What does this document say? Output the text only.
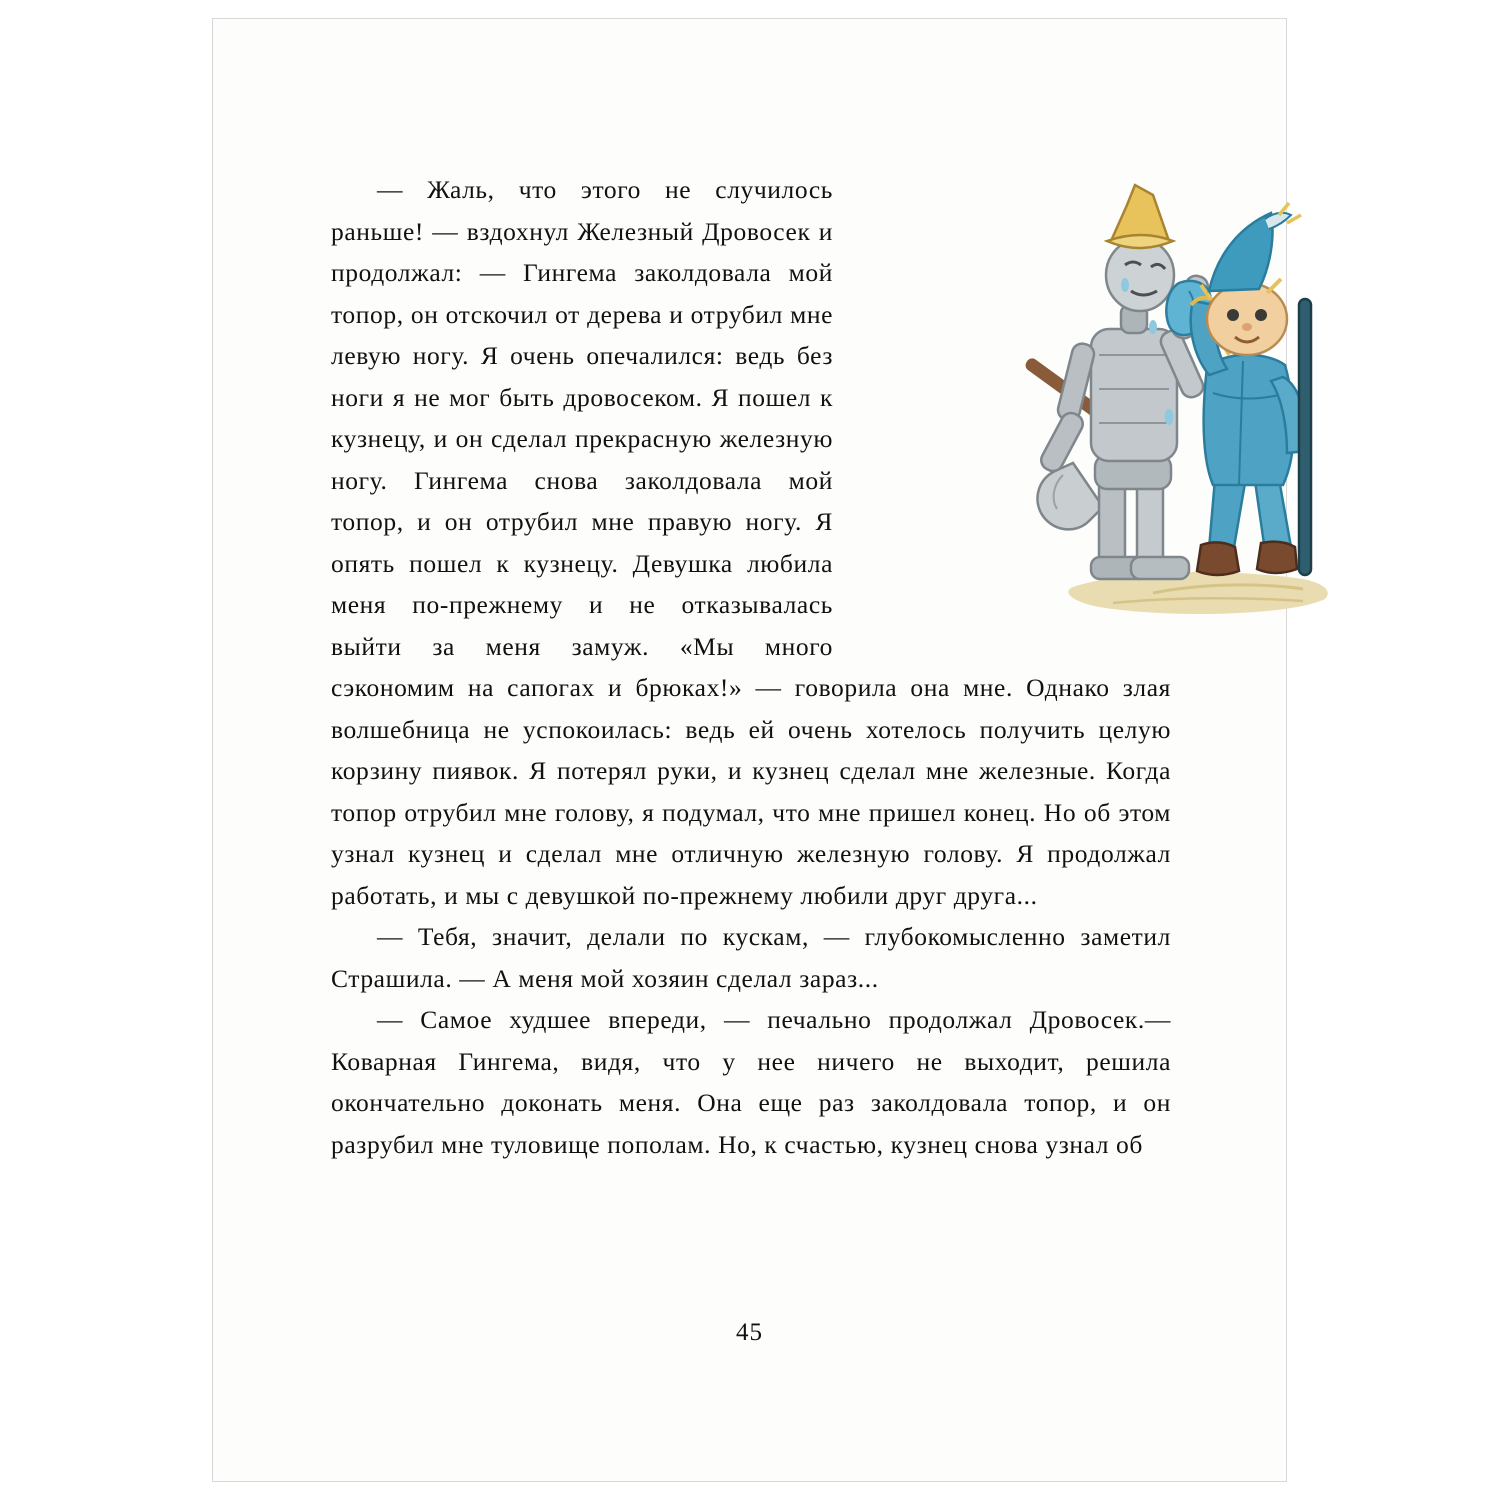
— Жаль, что этого не случилось раньше! — вздохнул Железный Дровосек и продолжал: — Гингема заколдовала мой топор, он отскочил от дерева и отрубил мне левую ногу. Я очень опечалился: ведь без ноги я не мог быть дровосеком. Я пошел к кузнецу, и он сделал прекрасную железную ногу. Гингема снова заколдовала мой топор, и он отрубил мне правую ногу. Я опять пошел к кузнецу. Девушка любила меня по-прежнему и не отказывалась выйти за меня замуж. «Мы много сэкономим на сапогах и брюках!» — говорила она мне. Однако злая волшебница не успокоилась: ведь ей очень хотелось получить целую корзину пиявок. Я потерял руки, и кузнец сделал мне железные. Когда топор отрубил мне голову, я подумал, что мне пришел конец. Но об этом узнал кузнец и сделал мне отличную железную голову. Я продолжал работать, и мы с девушкой по-прежнему любили друг друга...

— Тебя, значит, делали по кускам, — глубокомысленно заметил Страшила. — А меня мой хозяин сделал зараз...

— Самое худшее впереди, — печально продолжал Дровосек.— Коварная Гингема, видя, что у нее ничего не выходит, решила окончательно доконать меня. Она еще раз заколдовала топор, и он разрубил мне туловище пополам. Но, к счастью, кузнец снова узнал об

45
